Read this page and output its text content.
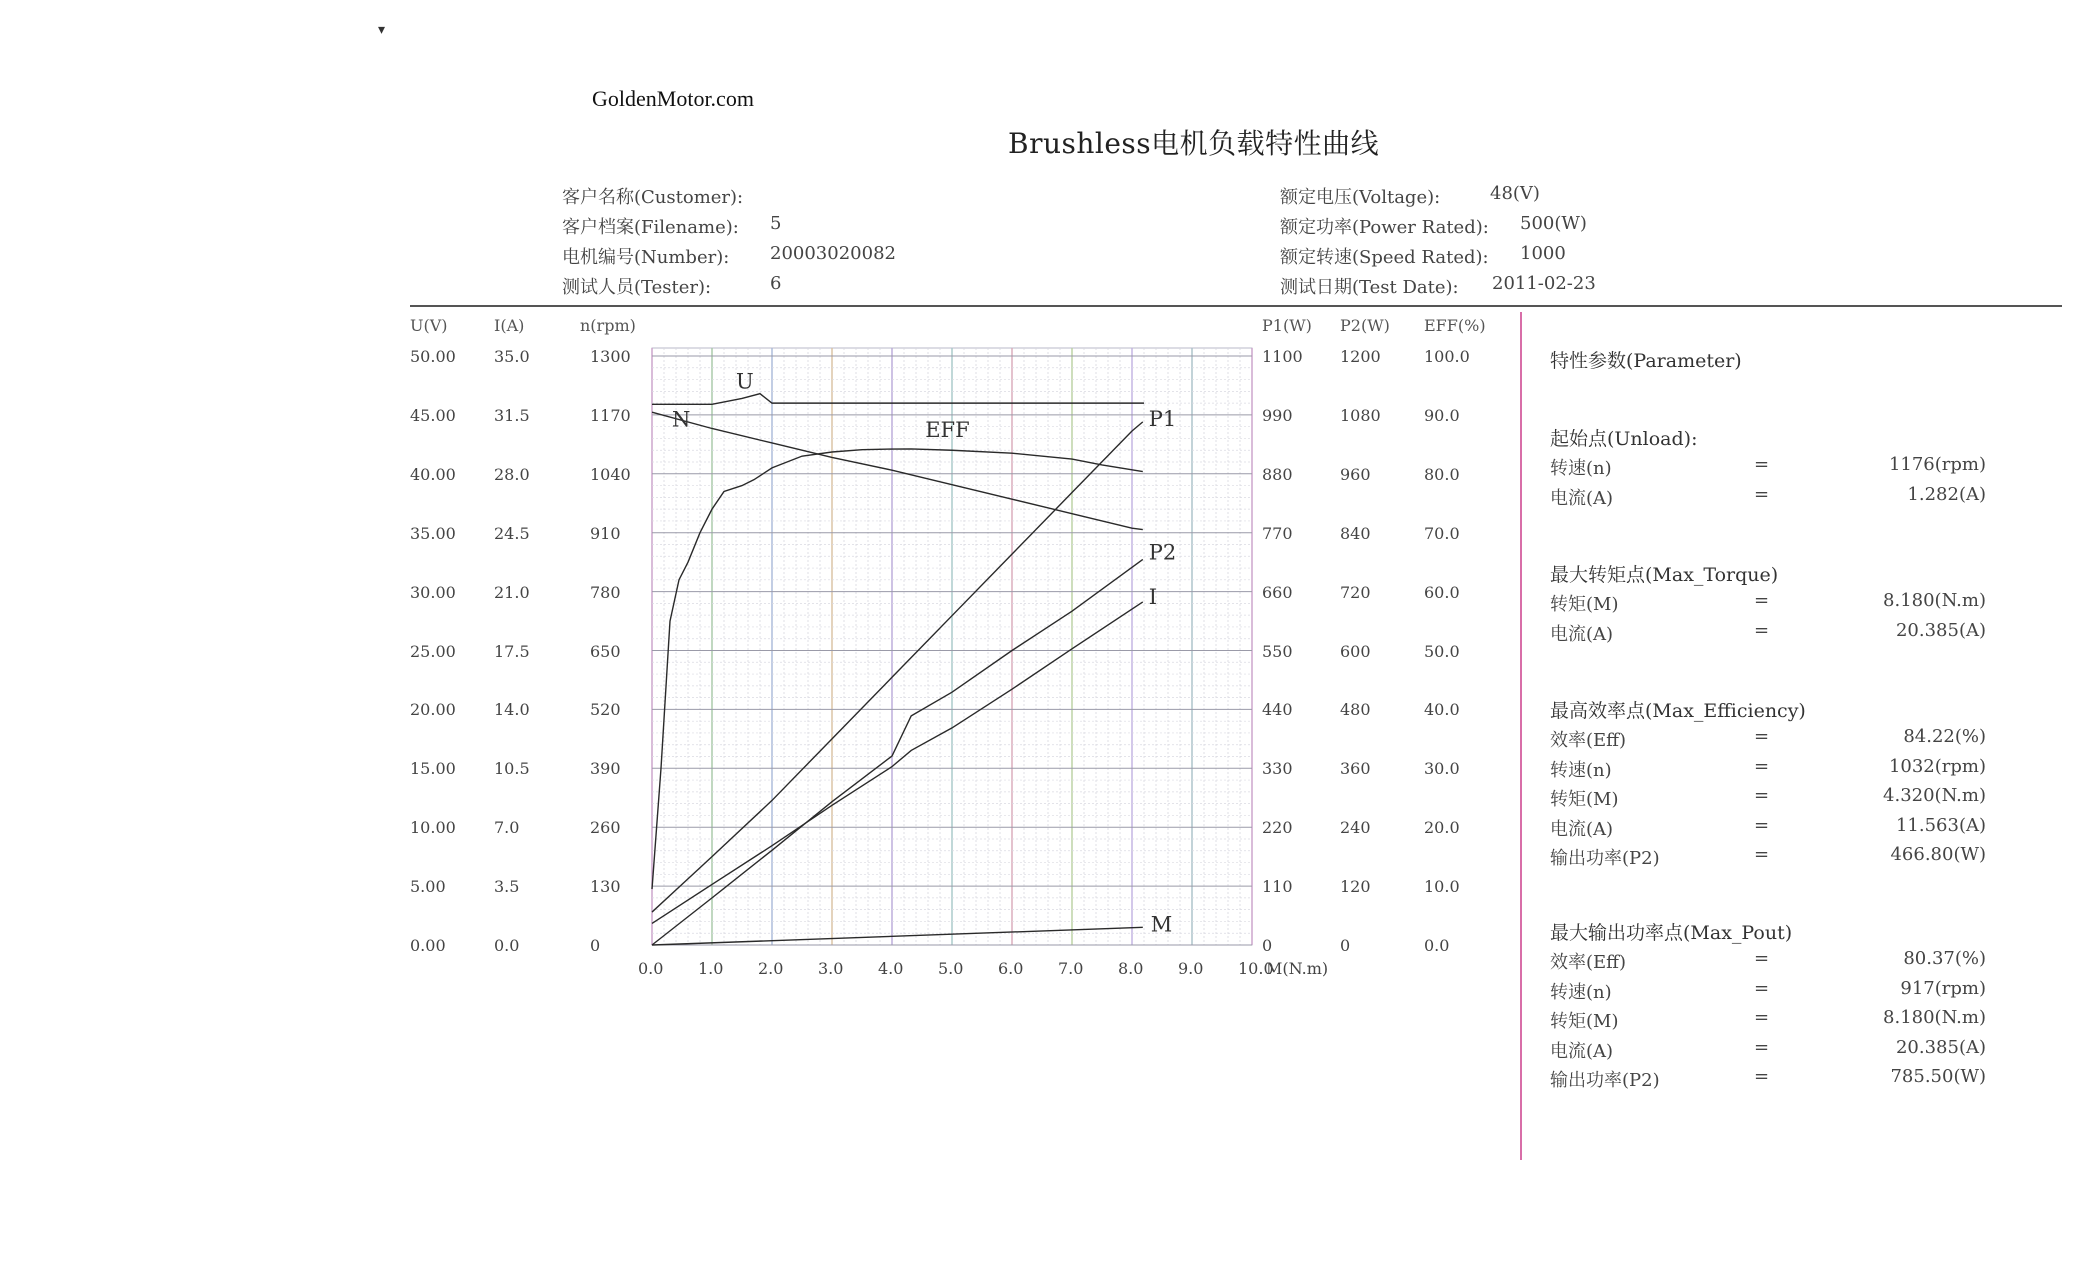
GoldenMotor.com
Brushless电机负载特性曲线
客户名称(Customer):
客户档案(Filename): 5
电机编号(Number): 20003020082
测试人员(Tester):	6
额定电压(Voltage):	48(V)
额定功率(Power Rated): 500(W)
额定转速(Speed Rated): 1000
测试日期(Test Date): 2011-02-23
U(V)
50.00
45.00
40.00
35.00
30.00
25.00
20.00
15.00
10.00
5.00
0.00
I(A)
35.0
31.5
28.0
24.5
21.0
17.5
14.0
10.5
7.0
3.5
0.0
n(rpm)
1300
1170
1040
910
780
650
520
390
260
130
0
P1(W)
1100
990
880
770
660
550
440
330
220
110
0
P2(W)
1200
1080
960
840
720
600
480
360
240
120
0
EFF(%)
100.0
90.0
80.0
70.0
60.0
50.0
40.0
30.0
20.0
10.0
0.0
0.0 1.0 2.0 3.0 4.0 5.0 6.0 7.0 8.0 9.0 10.0
M(N.m)
U
N	EFF	P1
P2
I
M
特性参数(Parameter)
起始点(Unload):
转速(n)	=	1176(rpm)
电流(A)	=	1.282(A)
最大转矩点(Max_Torque)
转矩(M)	=	8.180(N.m)
电流(A)	=	20.385(A)
最高效率点(Max_Efficiency)
效率(Eff)	=	84.22(%)
转速(n)	=	1032(rpm)
转矩(M)	=	4.320(N.m)
电流(A)	=	11.563(A)
输出功率(P2)	=	466.80(W)
最大输出功率点(Max_Pout)
效率(Eff)	=	80.37(%)
转速(n)	=	917(rpm)
转矩(M)	=	8.180(N.m)
电流(A)	=	20.385(A)
输出功率(P2)	=	785.50(W)
▾
